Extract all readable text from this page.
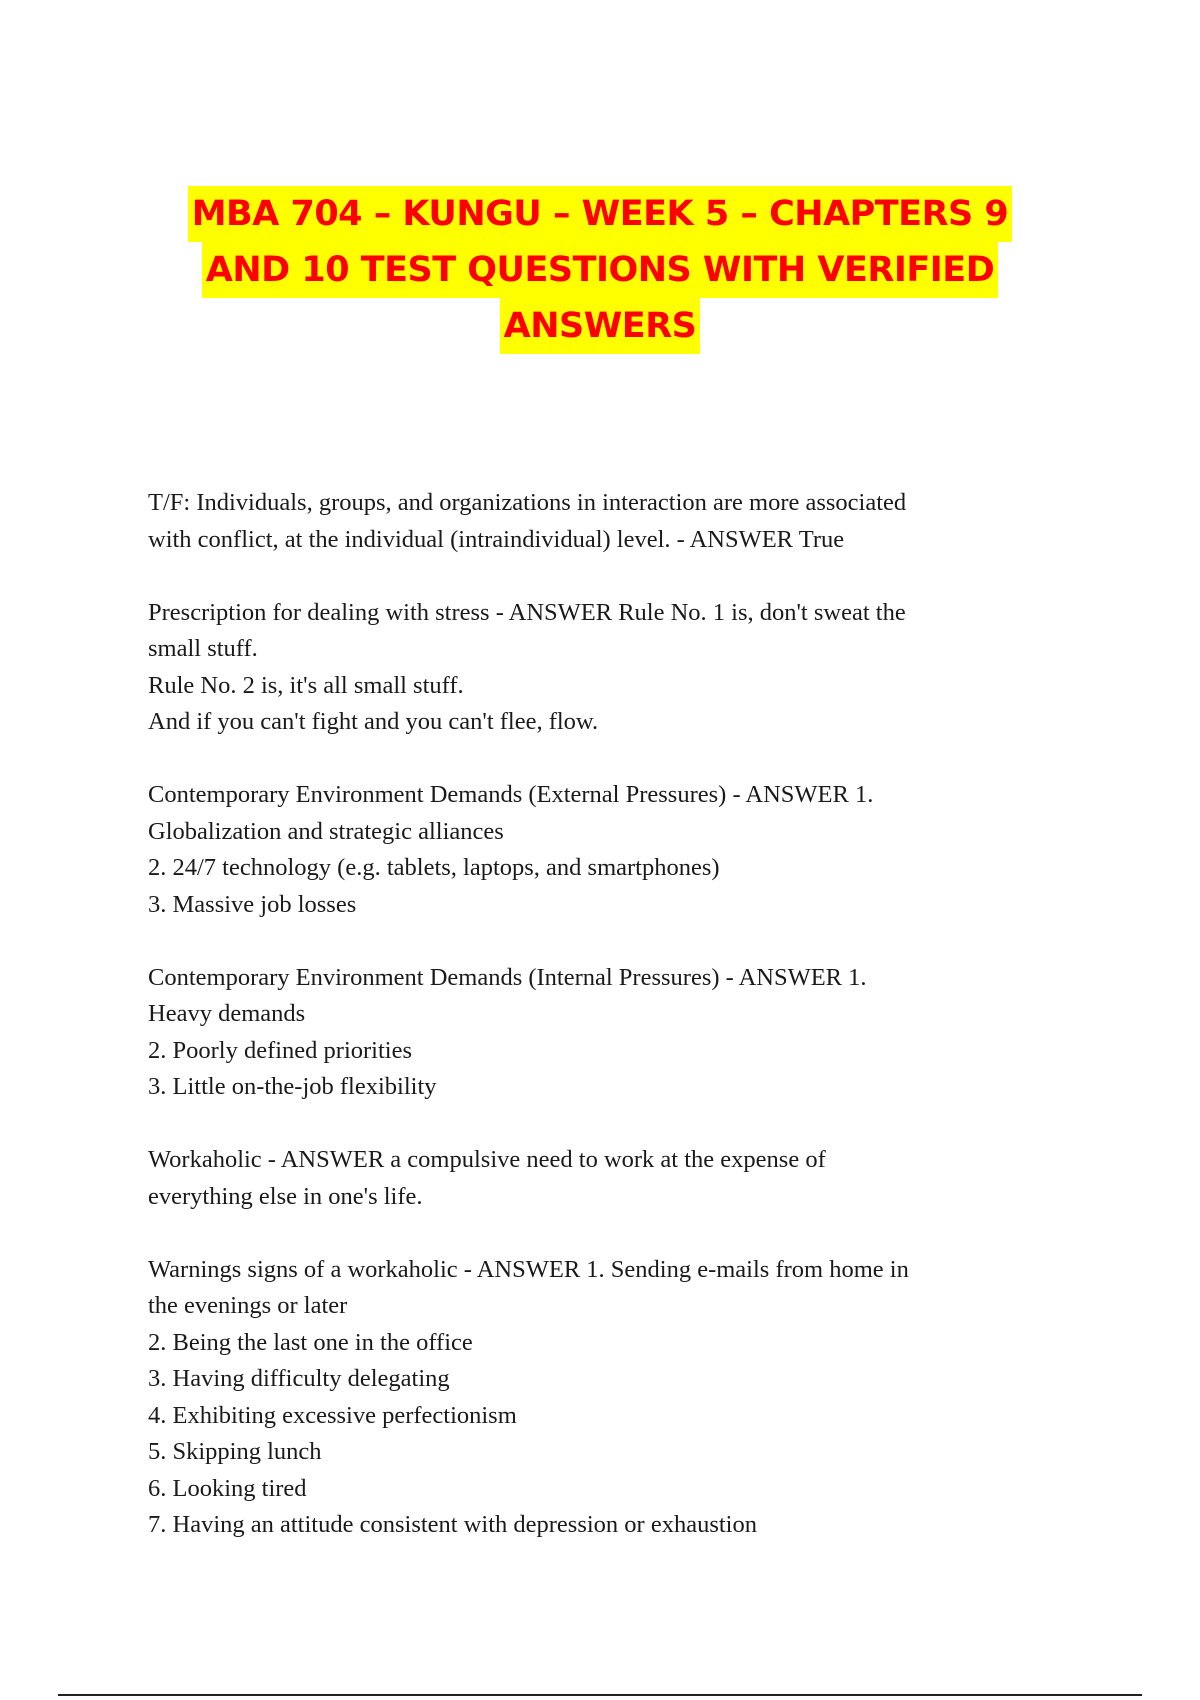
MBA 704 – KUNGU – WEEK 5 – CHAPTERS 9
AND 10 TEST QUESTIONS WITH VERIFIED
ANSWERS
T/F: Individuals, groups, and organizations in interaction are more associated
with conflict, at the individual (intraindividual) level. - ANSWER True
Prescription for dealing with stress - ANSWER Rule No. 1 is, don't sweat the
small stuff.
Rule No. 2 is, it's all small stuff.
And if you can't fight and you can't flee, flow.
Contemporary Environment Demands (External Pressures) - ANSWER 1.
Globalization and strategic alliances
2. 24/7 technology (e.g. tablets, laptops, and smartphones)
3. Massive job losses
Contemporary Environment Demands (Internal Pressures) - ANSWER 1.
Heavy demands
2. Poorly defined priorities
3. Little on-the-job flexibility
Workaholic - ANSWER a compulsive need to work at the expense of
everything else in one's life.
Warnings signs of a workaholic - ANSWER 1. Sending e-mails from home in
the evenings or later
2. Being the last one in the office
3. Having difficulty delegating
4. Exhibiting excessive perfectionism
5. Skipping lunch
6. Looking tired
7. Having an attitude consistent with depression or exhaustion
